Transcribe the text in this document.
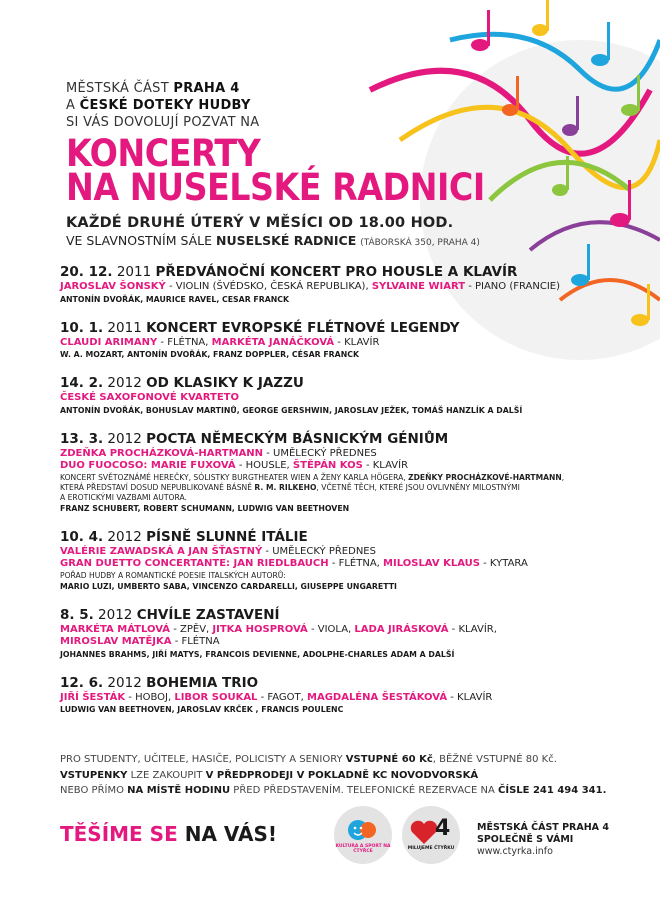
MĚSTSKÁ ČÁST PRAHA 4
A ČESKÉ DOTEKY HUDBY
SI VÁS DOVOLUJÍ POZVAT NA
KONCERTY
NA NUSELSKÉ RADNICI
KAŽDÉ DRUHÉ ÚTERÝ V MĚSÍCI OD 18.00 HOD.
VE SLAVNOSTNÍM SÁLE NUSELSKÉ RADNICE (TÁBORSKÁ 350, PRAHA 4)
20. 12. 2011 PŘEDVÁNOČNÍ KONCERT PRO HOUSLE A KLAVÍR
JAROSLAV ŠONSKÝ - VIOLIN (ŠVÉDSKO, ČESKÁ REPUBLIKA), SYLVAINE WIART - PIANO (FRANCIE)
ANTONÍN DVOŘÁK, MAURICE RAVEL, CESAR FRANCK
10. 1. 2011 KONCERT EVROPSKÉ FLÉTNOVÉ LEGENDY
CLAUDI ARIMANY - FLÉTNA, MARKÉTA JANÁČKOVÁ - KLAVÍR
W. A. MOZART, ANTONÍN DVOŘÁK, FRANZ DOPPLER, CÉSAR FRANCK
14. 2. 2012 OD KLASIKY K JAZZU
ČESKÉ SAXOFONOVÉ KVARTETO
ANTONÍN DVOŘÁK, BOHUSLAV MARTINŮ, GEORGE GERSHWIN, JAROSLAV JEŽEK, TOMÁŠ HANZLÍK A DALŠÍ
13. 3. 2012 POCTA NĚMECKÝM BÁSNICKÝM GÉNIŮM
ZDEŇKA PROCHÁZKOVÁ-HARTMANN - UMĚLECKÝ PŘEDNES
DUO FUOCOSO: MARIE FUXOVÁ - HOUSLE, ŠTĚPÁN KOS - KLAVÍR
KONCERT SVĚTOZNÁMÉ HEREČKY, SÓLISTKY BURGTHEATER WIEN A ŽENY KARLA HÖGERA, ZDEŇKY PROCHÁZKOVÉ-HARTMANN,
KTERÁ PŘEDSTAVÍ DOSUD NEPUBLIKOVANÉ BÁSNĚ R. M. RILKEHO, VČETNĚ TĚCH, KTERÉ JSOU OVLIVNĚNY MILOSTNÝMI
A EROTICKÝMI VAZBAMI AUTORA.
FRANZ SCHUBERT, ROBERT SCHUMANN, LUDWIG VAN BEETHOVEN
10. 4. 2012 PÍSNĚ SLUNNÉ ITÁLIE
VALÉRIE ZAWADSKÁ A JAN ŠŤASTNÝ - UMĚLECKÝ PŘEDNES
GRAN DUETTO CONCERTANTE: JAN RIEDLBAUCH - FLÉTNA, MILOSLAV KLAUS - KYTARA
POŘAD HUDBY A ROMANTICKÉ POESIE ITALSKÝCH AUTORŮ:
MARIO LUZI, UMBERTO SABA, VINCENZO CARDARELLI, GIUSEPPE UNGARETTI
8. 5. 2012 CHVÍLE ZASTAVENÍ
MARKÉTA MÁTLOVÁ - ZPĚV, JITKA HOSPROVÁ - VIOLA, LADA JIRÁSKOVÁ - KLAVÍR,
MIROSLAV MATĚJKA - FLÉTNA
JOHANNES BRAHMS, JIŘÍ MATYS, FRANCOIS DEVIENNE, ADOLPHE-CHARLES ADAM A DALŠÍ
12. 6. 2012 BOHEMIA TRIO
JIŘÍ ŠESTÁK - HOBOJ, LIBOR SOUKAL - FAGOT, MAGDALÉNA ŠESTÁKOVÁ - KLAVÍR
LUDWIG VAN BEETHOVEN, JAROSLAV KRČEK , FRANCIS POULENC
PRO STUDENTY, UČITELE, HASIČE, POLICISTY A SENIORY VSTUPNÉ 60 Kč, BĚŽNÉ VSTUPNÉ 80 Kč.
VSTUPENKY LZE ZAKOUPIT V PŘEDPRODEJI V POKLADNĚ KC NOVODVORSKÁ
NEBO PŘÍMO NA MÍSTĚ HODINU PŘED PŘEDSTAVENÍM. TELEFONICKÉ REZERVACE NA ČÍSLE 241 494 341.
TĚŠÍME SE NA VÁS!
KULTURA A SPORT NA ČTYŘCE
4
MILUJEME ČTYŘKU
MĚSTSKÁ ČÁST PRAHA 4
SPOLEČNĚ S VÁMI
www.ctyrka.info
